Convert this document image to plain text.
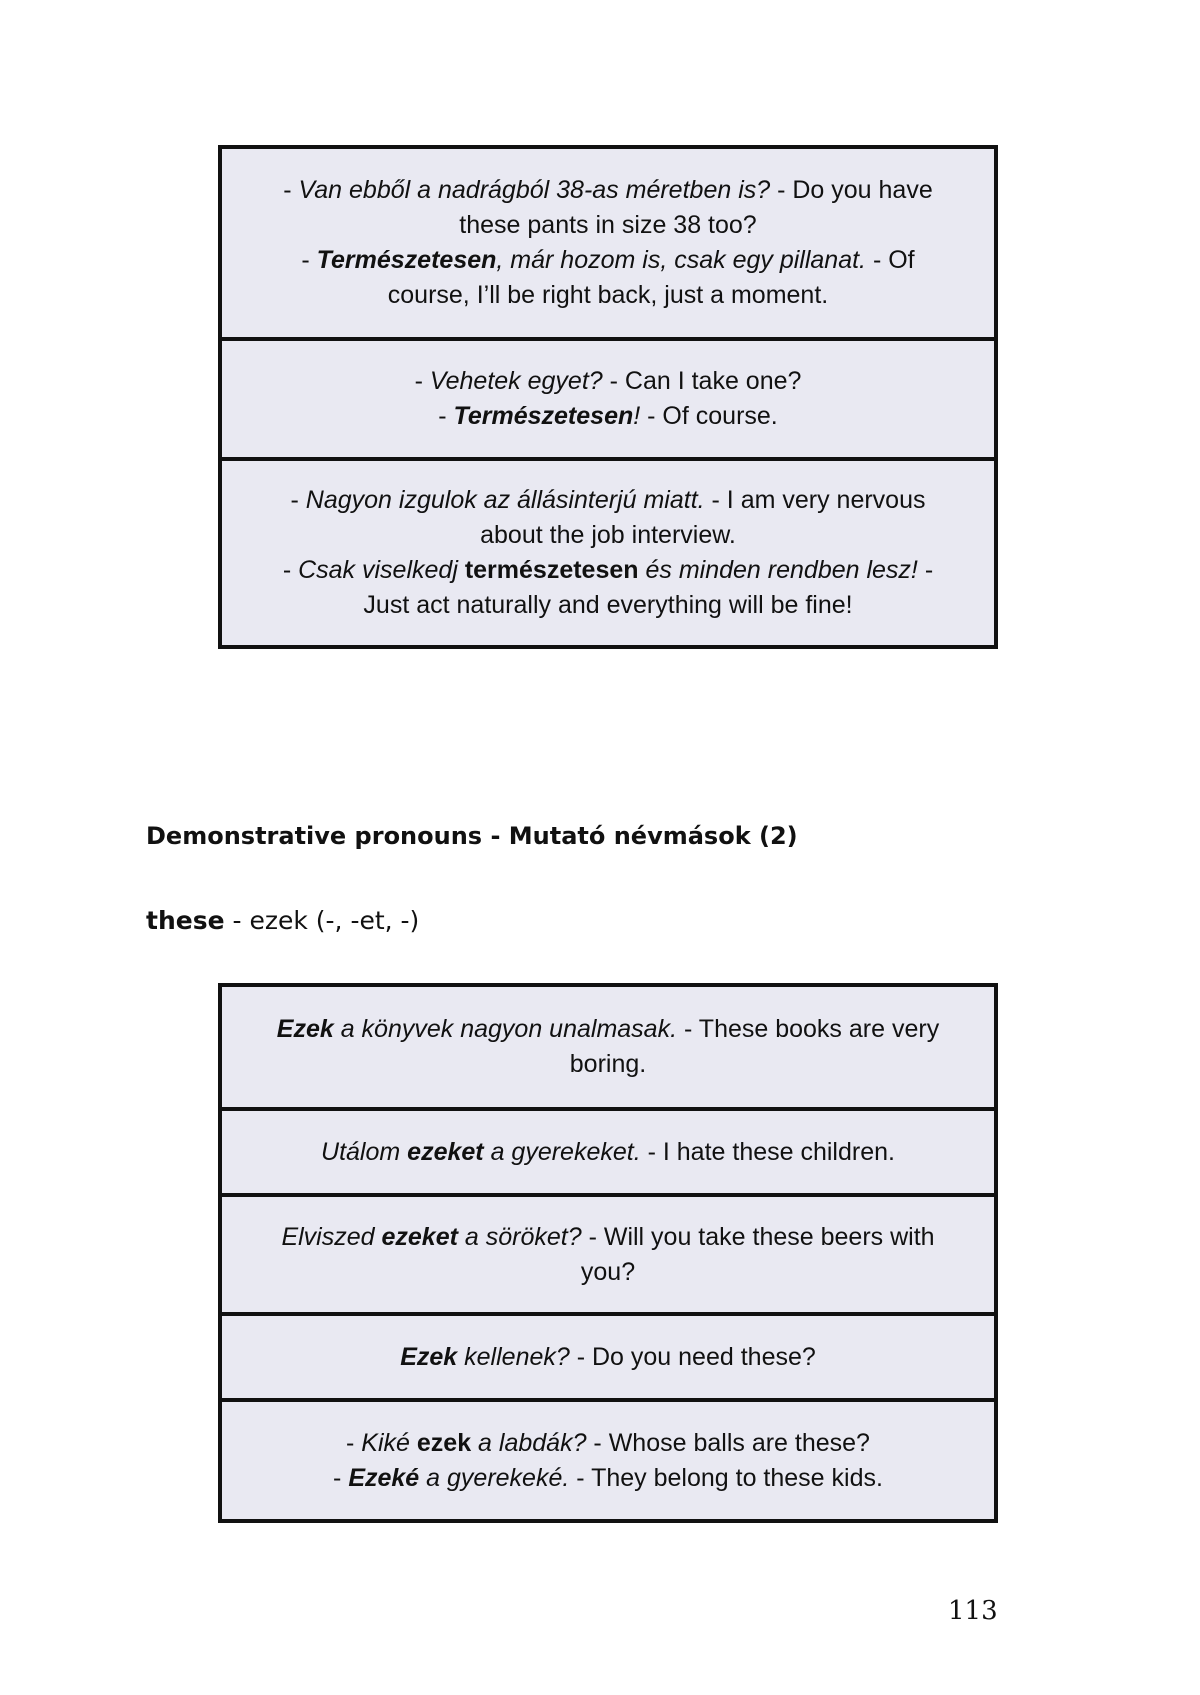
- Van ebből a nadrágból 38-as méretben is? - Do you have

these pants in size 38 too?

- Természetesen, már hozom is, csak egy pillanat. - Of

course, I’ll be right back, just a moment.

- Vehetek egyet? - Can I take one?

- Természetesen! - Of course.

- Nagyon izgulok az állásinterjú miatt. - I am very nervous

about the job interview.

- Csak viselkedj természetesen és minden rendben lesz! -

Just act naturally and everything will be fine!

Demonstrative pronouns - Mutató névmások (2)
these - ezek (-, -et, -)

Ezek a könyvek nagyon unalmasak. - These books are very

boring.

Utálom ezeket a gyerekeket. - I hate these children.

Elviszed ezeket a söröket? - Will you take these beers with

you?

Ezek kellenek? - Do you need these?

- Kiké ezek a labdák? - Whose balls are these?

- Ezeké a gyerekeké. - They belong to these kids.

113
